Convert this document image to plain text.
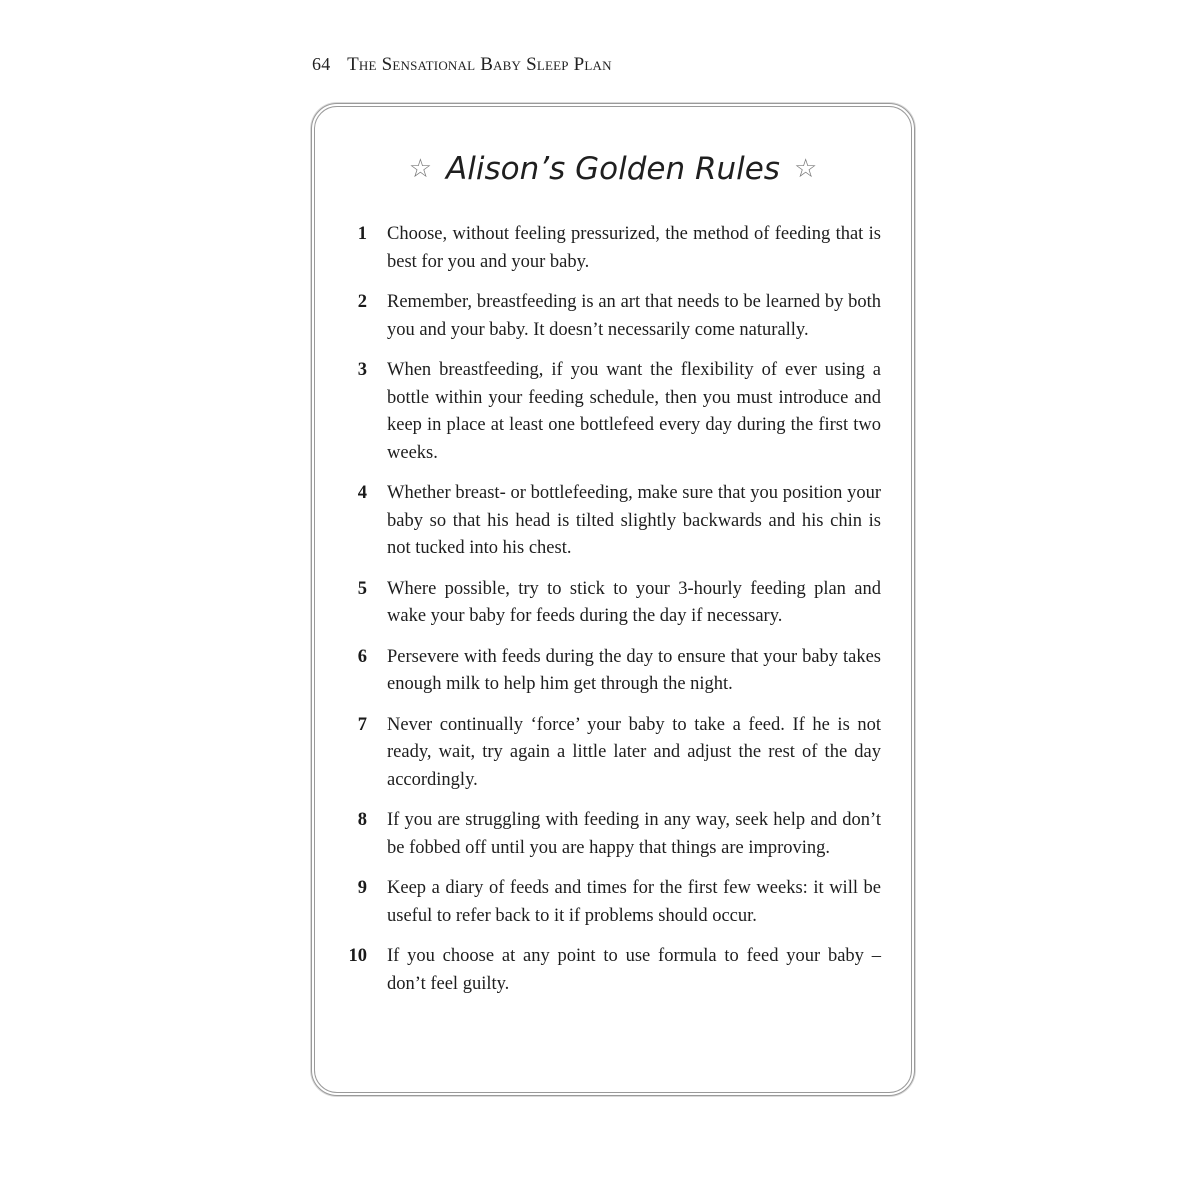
64 The Sensational Baby Sleep Plan
☆ Alison’s Golden Rules ☆
1	Choose, without feeling pressurized, the method of feeding that is best for you and your baby.
2	Remember, breastfeeding is an art that needs to be learned by both you and your baby. It doesn’t necessarily come naturally.
3	When breastfeeding, if you want the flexibility of ever using a bottle within your feeding schedule, then you must introduce and keep in place at least one bottlefeed every day during the first two weeks.
4	Whether breast- or bottlefeeding, make sure that you position your baby so that his head is tilted slightly backwards and his chin is not tucked into his chest.
5	Where possible, try to stick to your 3-hourly feeding plan and wake your baby for feeds during the day if necessary.
6	Persevere with feeds during the day to ensure that your baby takes enough milk to help him get through the night.
7	Never continually ‘force’ your baby to take a feed. If he is not ready, wait, try again a little later and adjust the rest of the day accordingly.
8	If you are struggling with feeding in any way, seek help and don’t be fobbed off until you are happy that things are improving.
9	Keep a diary of feeds and times for the first few weeks: it will be useful to refer back to it if problems should occur.
10	If you choose at any point to use formula to feed your baby – don’t feel guilty.
